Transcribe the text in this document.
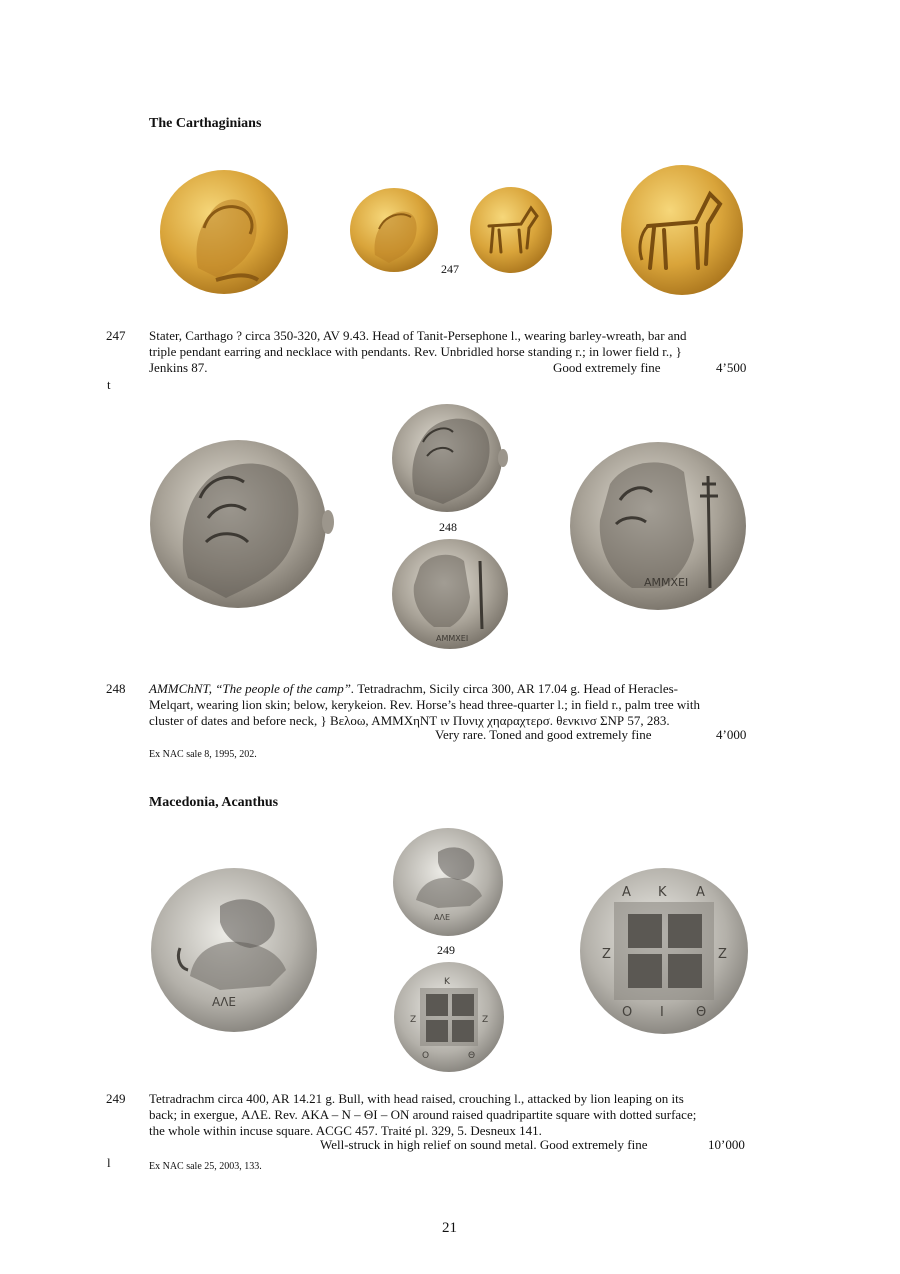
The Carthaginians
247
247 Stater, Carthago ? circa 350-320, AV 9.43. Head of Tanit-Persephone l., wearing barley-wreath, bar and
triple pendant earring and necklace with pendants. Rev. Unbridled horse standing r.; in lower field r., }
Jenkins 87.	Good extremely fine	4’500
t
248
ΑΜΜΧΕΙ
ΑΜΜΧΕΙ
248 AMMChNT, “The people of the camp”. Tetradrachm, Sicily circa 300, AR 17.04 g. Head of Heracles-
Melqart, wearing lion skin; below, kerykeion. Rev. Horse’s head three-quarter l.; in field r., palm tree with
cluster of dates and before neck, } Βελοω, ΑΜΜΧηΝΤ ιν Πυνιχ χηαραχτερσ. θενκινσ ΣΝΡ 57, 283.
Very rare. Toned and good extremely fine	4’000
Ex NAC sale 8, 1995, 202.
Macedonia, Acanthus
ΑΛΕ
ΑΛΕ
249
Κ
Ζ	Ζ
Ο	Θ
Α Κ Α
Ζ	Ζ
Ο Ι Θ
249 Tetradrachm circa 400, AR 14.21 g. Bull, with head raised, crouching l., attacked by lion leaping on its
back; in exergue, ΑΛΕ. Rev. ΑΚΑ – Ν – ΘΙ – ΟΝ around raised quadripartite square with dotted surface;
the whole within incuse square. ACGC 457. Traité pl. 329, 5. Desneux 141.
Well-struck in high relief on sound metal. Good extremely fine	10’000
l	Ex NAC sale 25, 2003, 133.
21
